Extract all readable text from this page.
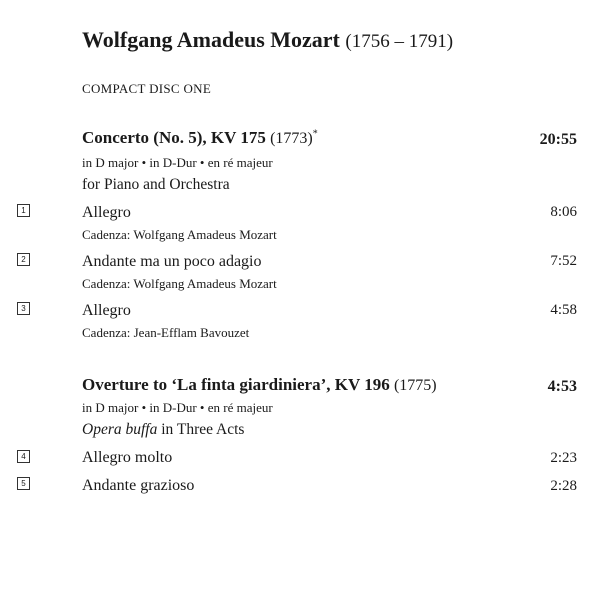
Wolfgang Amadeus Mozart (1756 – 1791)
COMPACT DISC ONE
Concerto (No. 5), KV 175 (1773)*	20:55
in D major • in D-Dur • en ré majeur
for Piano and Orchestra
1	Allegro	8:06
Cadenza: Wolfgang Amadeus Mozart
2	Andante ma un poco adagio	7:52
Cadenza: Wolfgang Amadeus Mozart
3	Allegro	4:58
Cadenza: Jean-Efflam Bavouzet
Overture to ‘La finta giardiniera’, KV 196 (1775)	4:53
in D major • in D-Dur • en ré majeur
Opera buffa in Three Acts
4	Allegro molto	2:23
5	Andante grazioso	2:28
